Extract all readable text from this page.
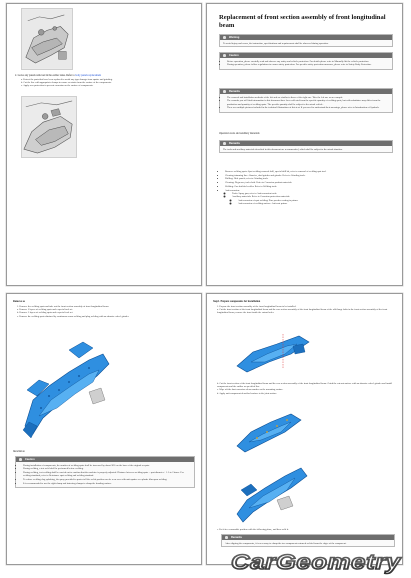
2. Leave any panels removed in the earlier tasks. Refer to body panels replacement
a. Protect the parts that have been replaced to avoid any type damage from spatter and grinding.
b. Cut the line with appropriate clamps to ensure no strain from the surface of the components.
c. Apply new protection to prevent corrosion on the surface of components.
Replacement of front section assembly of front longitudinal beam
Warning
To avoid injury and errors, the instruction, specifications and requirements shall be observed during operation.
Caution
• Before operation, please carefully read and observe any safety and vehicle protection. For details please refer to Manually lift the vehicle protection.
• During operation, please follow regulations to ensure safety protection. For specific safety protection measures, please refer to Safety Body Protection.
Remarks
• The removal and installation methods of the left and are similar to those of the right one. Take the left one as an example.
• The remarks you will find information in this document have been collected from the specific quantity of welding spots, but with substitutes may differ from the production and quantity of welding spots. The specific quantity shall be subject to the actual vehicle.
• There are multiple pictures included in the technical illustrations of this text. If you need to understand their meanings, please refer to Introduction of Symbols.
Operation tools and auxiliary materials
Remarks
The tools and auxiliary materials described in this document are recommended, which shall be subject to the actual situation.
• Remove welding spots: Spot welding removal drill, special drill bit, refer to removal of welding spot tool.
• Cleaning trimming line: Abrasive, dual grinder and grinder. Refer to Grinding tools.
• Drilling: Hole punch; refer to Grinding tools.
• Cleaning: Degreaser, tack cloth. Refer to Corrosion product materials.
• Welding: Gas shielded welder. Refer to Welding tools.
• Anti-corrosion:
◦ Tools: Spray gun; refer to Anti-corrosion tools.
◦ Auxiliary materials: Refer to Corrosion protection materials.
◦ Anti-corrosion of spot welding: Zinc powder coating to primer
◦ Anti-corrosion of welding surface: Anti-rust primer
Remove as
1. Remove the welding spots and take out the front section assembly of front longitudinal beam.
a. Remove 5 layers of welding spots and a special tool set.
b. Remove 5 layers of welding spots and a special tool set.
c. Remove the welding spots obtained by continuous seam welding and plug welding with an abrasive wheel grinder.
Installation
Caution
• During installation of components, the number of welding spots shall be increased by about 30% on the base of the original as spots.
• During welding, a test weld shall be performed before welding.
• During welding, test welding shall be carried out to confirm that the machine is properly adjusted. Distance between welding spots = spot diameter + 1.5 to 2 times. For welding standards, refer to Resistance spot welding and welding standard.
• To reduce welding slag splashing, the spray provided to protect all the welds position can be seen over with anti-spatter or a plastic film upon welding.
• It is recommended to use the right clamp and fastening clamps to clamp the bonding surface.
Step1. Prepare components for installation
1. Prepare the front section assembly of the front longitudinal beam to be installed.
a. Cut the front section of the front longitudinal beam and the rear section assembly of the front longitudinal beam of the old flange bolts in the front section assembly of the front longitudinal beam, remove the front inside the cutout holes.
b. Cut the front section of the front longitudinal beam and the rear section assembly of the front longitudinal beam. Grind the cut-out surface with an abrasive wheel grinder and install components and the outline as specified line.
c. Wipe off the dust corrosion clean number on the mounting surface.
d. Apply anti-component described surface to the joint surface.
e. Put it in a reasonable position with the following plane, and then weld it.
Remarks
After aligning the components, it is necessary to clamp the two components returned welded from the edges of the component.
CarGeometry
